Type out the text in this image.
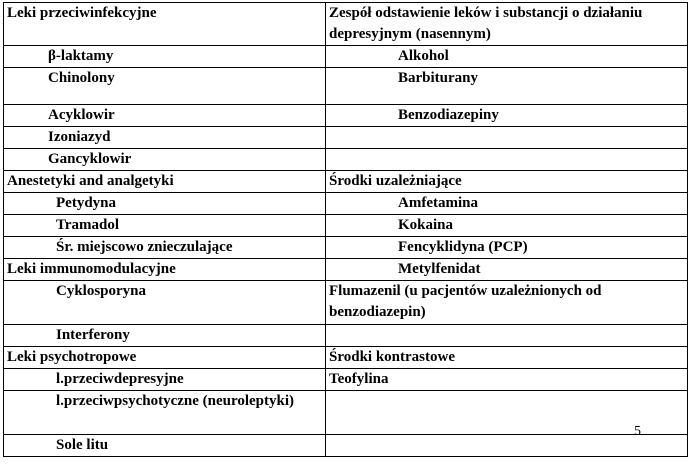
Leki przeciwinfekcyjne	Zespół odstawienie leków i substancji o działaniu depresyjnym (nasennym)
β-laktamy	Alkohol
Chinolony	Barbiturany
Acyklowir	Benzodiazepiny
Izoniazyd	
Gancyklowir	
Anestetyki and analgetyki	Środki uzależniające
Petydyna	Amfetamina
Tramadol	Kokaina
Śr. miejscowo znieczulające	Fencyklidyna (PCP)
Leki immunomodulacyjne	Metylfenidat
Cyklosporyna	Flumazenil (u pacjentów uzależnionych od benzodiazepin)
Interferony	
Leki psychotropowe	Środki kontrastowe
l.przeciwdepresyjne	Teofylina
l.przeciwpsychotyczne (neuroleptyki)	
Sole litu	
5
